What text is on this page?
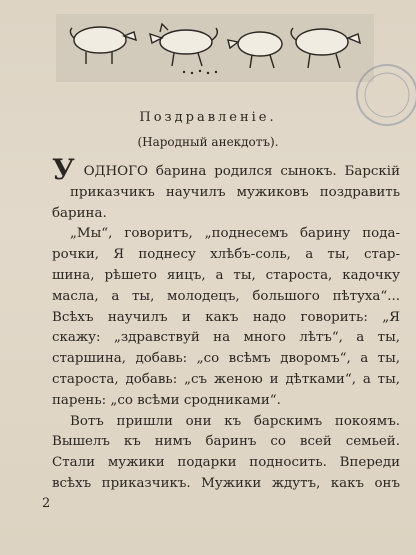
Поздравленіе.
(Народный анекдотъ).
У ОДНОГО барина родился сынокъ. Барскій
приказчикъ научилъ мужиковъ поздравить
барина.
„Мы“, говоритъ, „поднесемъ барину пода-
рочки, Я поднесу хлѣбъ-соль, а ты, стар-
шина, рѣшето яицъ, а ты, староста, кадочку
масла, а ты, молодецъ, большого пѣтуха“...
Всѣхъ научилъ и какъ надо говорить: „Я
скажу: „здравствуй на много лѣтъ“, а ты,
старшина, добавь: „со всѣмъ дворомъ“, а ты,
староста, добавь: „съ женою и дѣтками“, а ты,
парень: „со всѣми сродниками“.
Вотъ пришли они къ барскимъ покоямъ.
Вышелъ къ нимъ баринъ со всей семьей.
Стали мужики подарки подносить. Впереди
всѣхъ приказчикъ. Мужики ждутъ, какъ онъ
2
